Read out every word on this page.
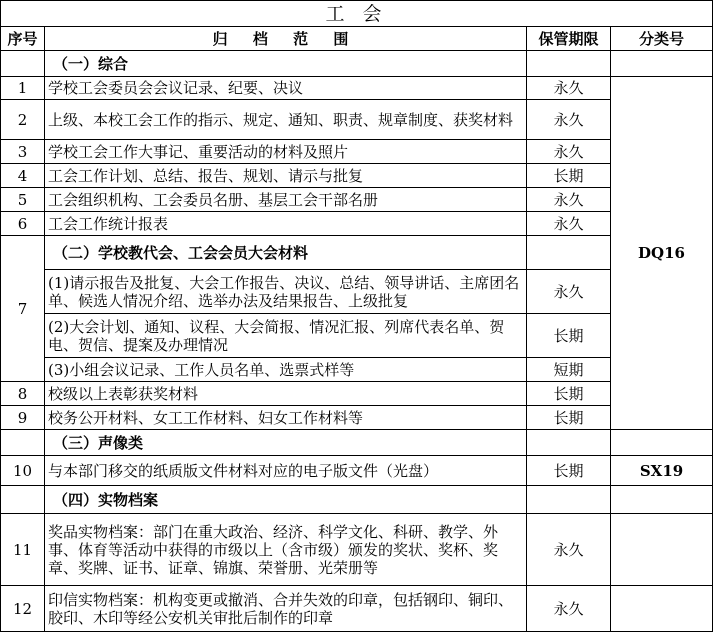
工 会			
序号	归 档 范 围	保管期限	分类号
	（一）综合		
1	学校工会委员会会议记录、纪要、决议	永久	DQ16
2	上级、本校工会工作的指示、规定、通知、职责、规章制度、获奖材料	永久	
3	学校工会工作大事记、重要活动的材料及照片	永久	
4	工会工作计划、总结、报告、规划、请示与批复	长期	
5	工会组织机构、工会委员名册、基层工会干部名册	永久	
6	工会工作统计报表	永久	
7	（二）学校教代会、工会会员大会材料		
	(1)请示报告及批复、大会工作报告、决议、总结、领导讲话、主席团名单、候选人情况介绍、选举办法及结果报告、上级批复	永久	
	(2)大会计划、通知、议程、大会简报、情况汇报、列席代表名单、贺电、贺信、提案及办理情况	长期	
	(3)小组会议记录、工作人员名单、选票式样等	短期	
8	校级以上表彰获奖材料	长期	
9	校务公开材料、女工工作材料、妇女工作材料等	长期	
	（三）声像类		
10	与本部门移交的纸质版文件材料对应的电子版文件（光盘）	长期	SX19
	（四）实物档案		
11	奖品实物档案：部门在重大政治、经济、科学文化、科研、教学、外事、体育等活动中获得的市级以上（含市级）颁发的奖状、奖杯、奖章、奖牌、证书、证章、锦旗、荣誉册、光荣册等	永久	
12	印信实物档案：机构变更或撤消、合并失效的印章，包括钢印、铜印、胶印、木印等经公安机关审批后制作的印章	永久	
